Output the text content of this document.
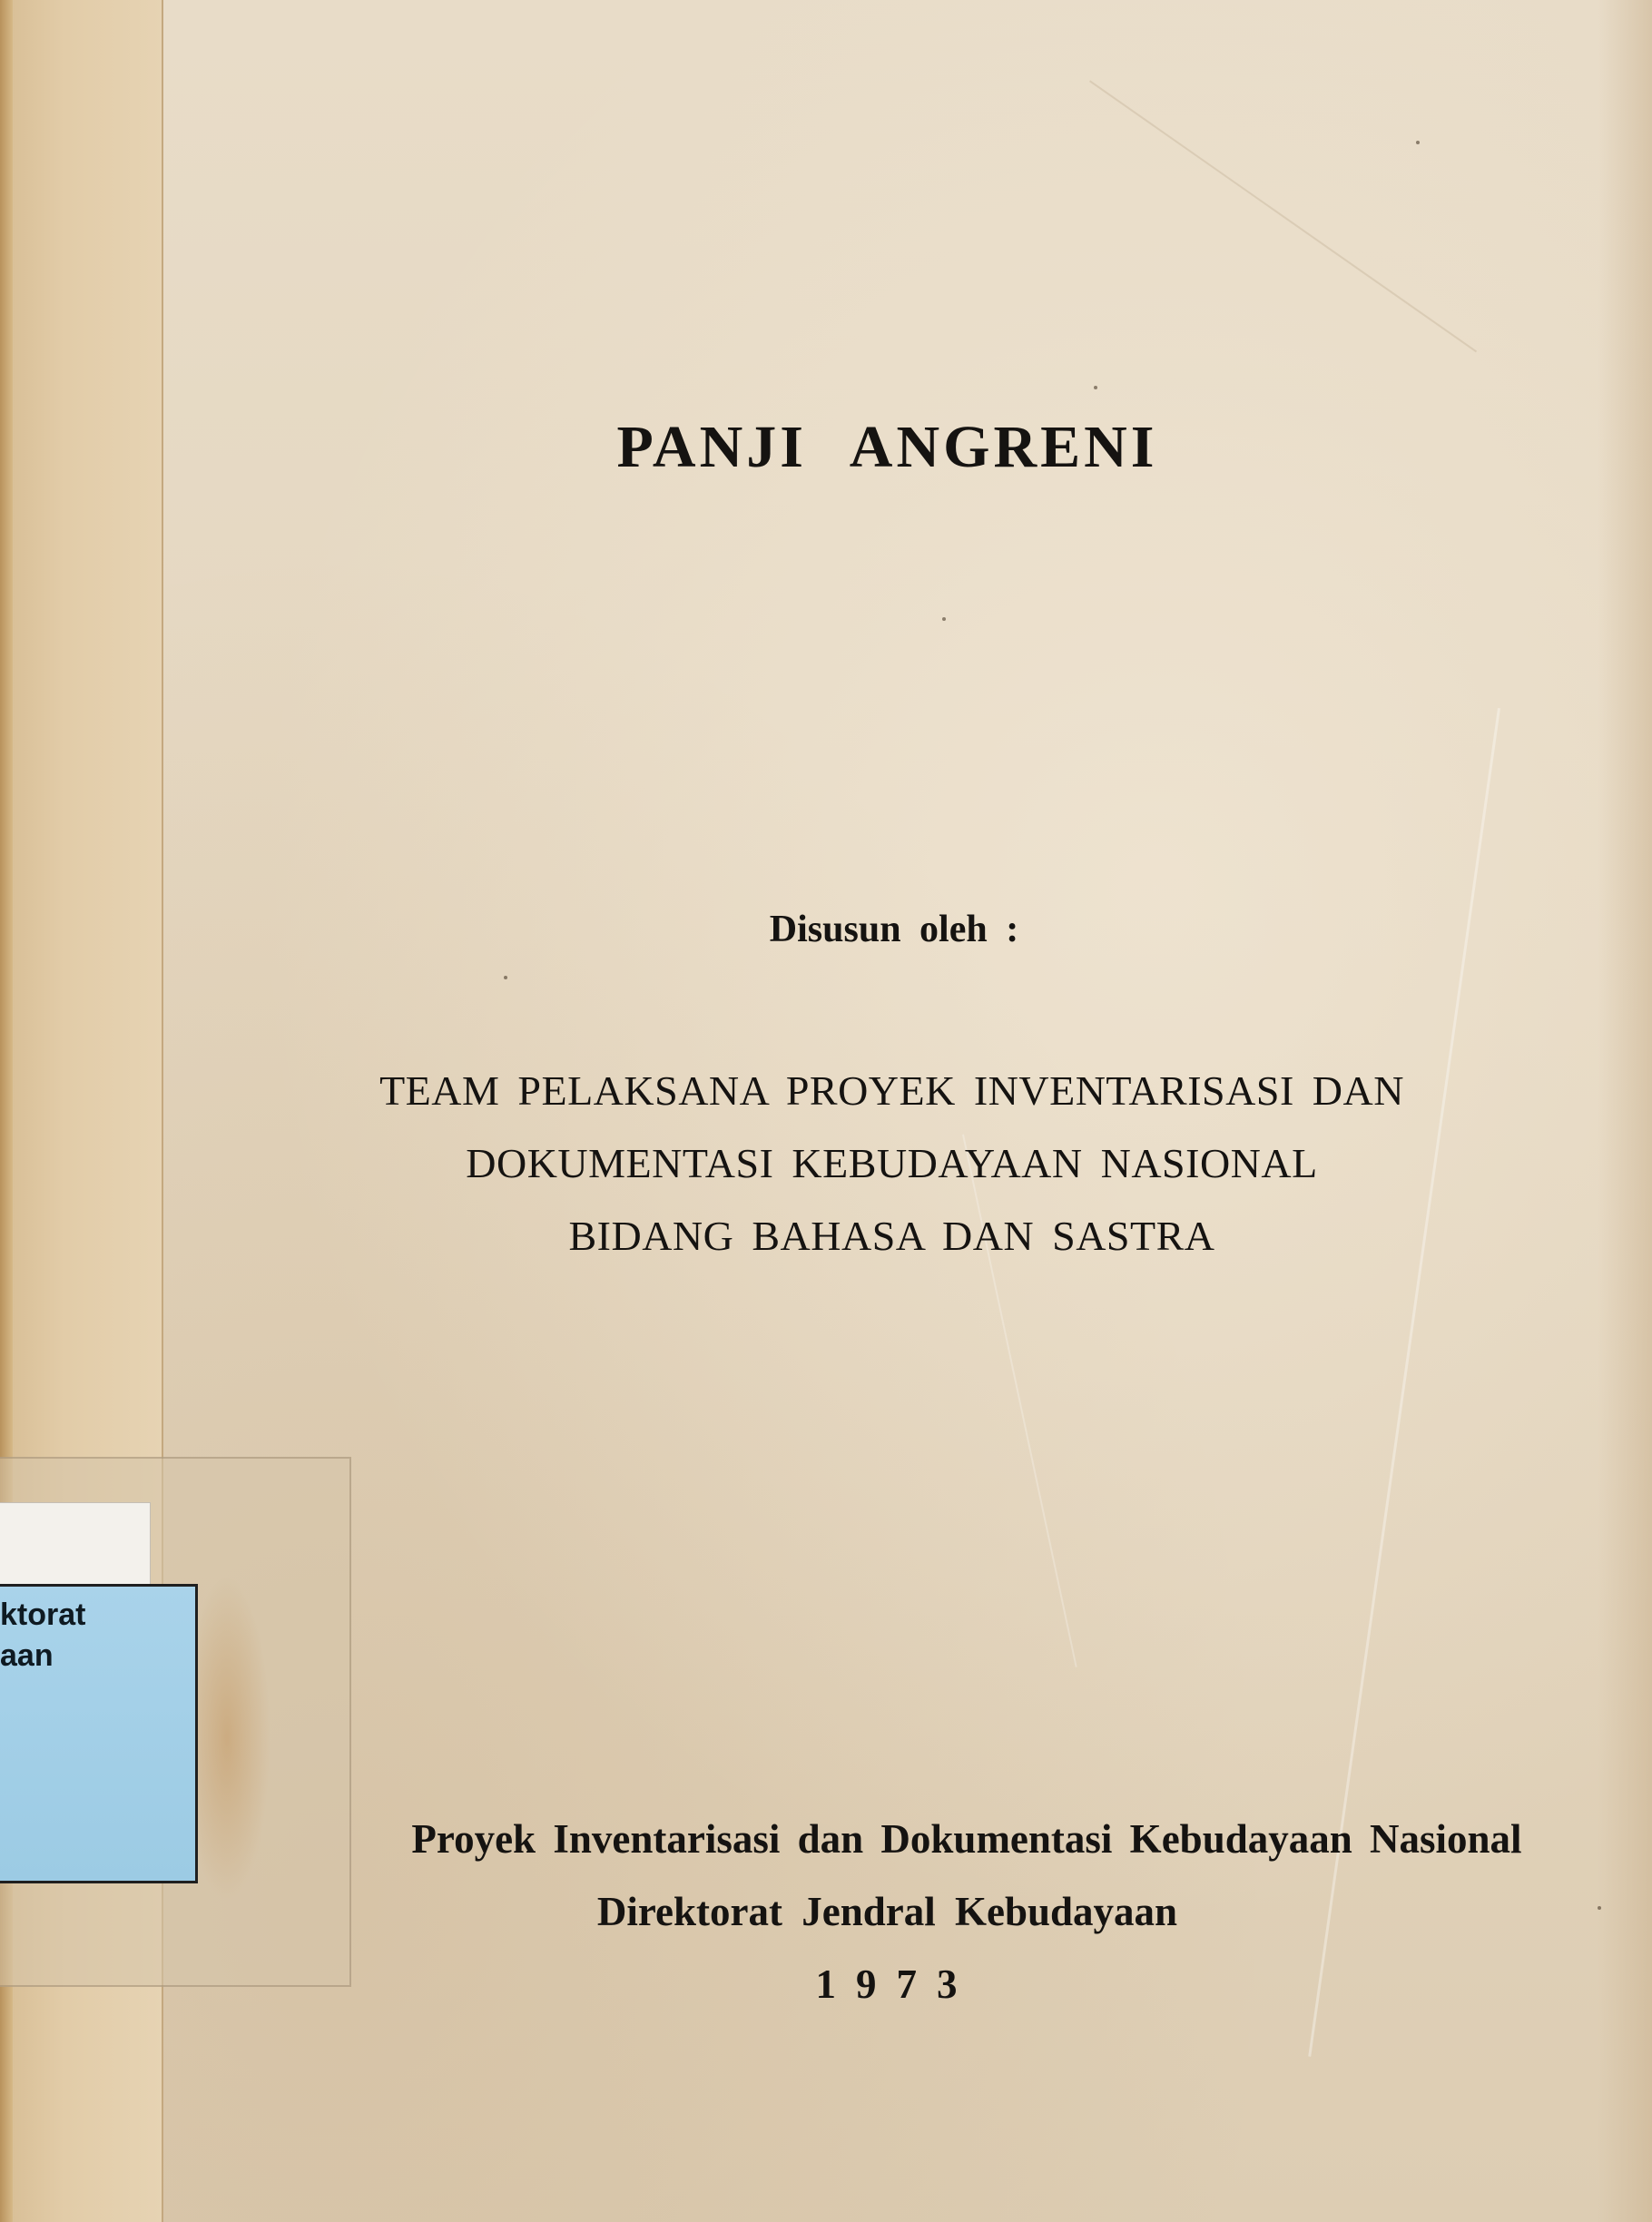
PANJI ANGRENI

Disusun oleh :

TEAM PELAKSANA PROYEK INVENTARISASI DAN

DOKUMENTASI KEBUDAYAAN NASIONAL

BIDANG BAHASA DAN SASTRA

ktorat

aan

Proyek Inventarisasi dan Dokumentasi Kebudayaan Nasional

Direktorat Jendral Kebudayaan

1973
